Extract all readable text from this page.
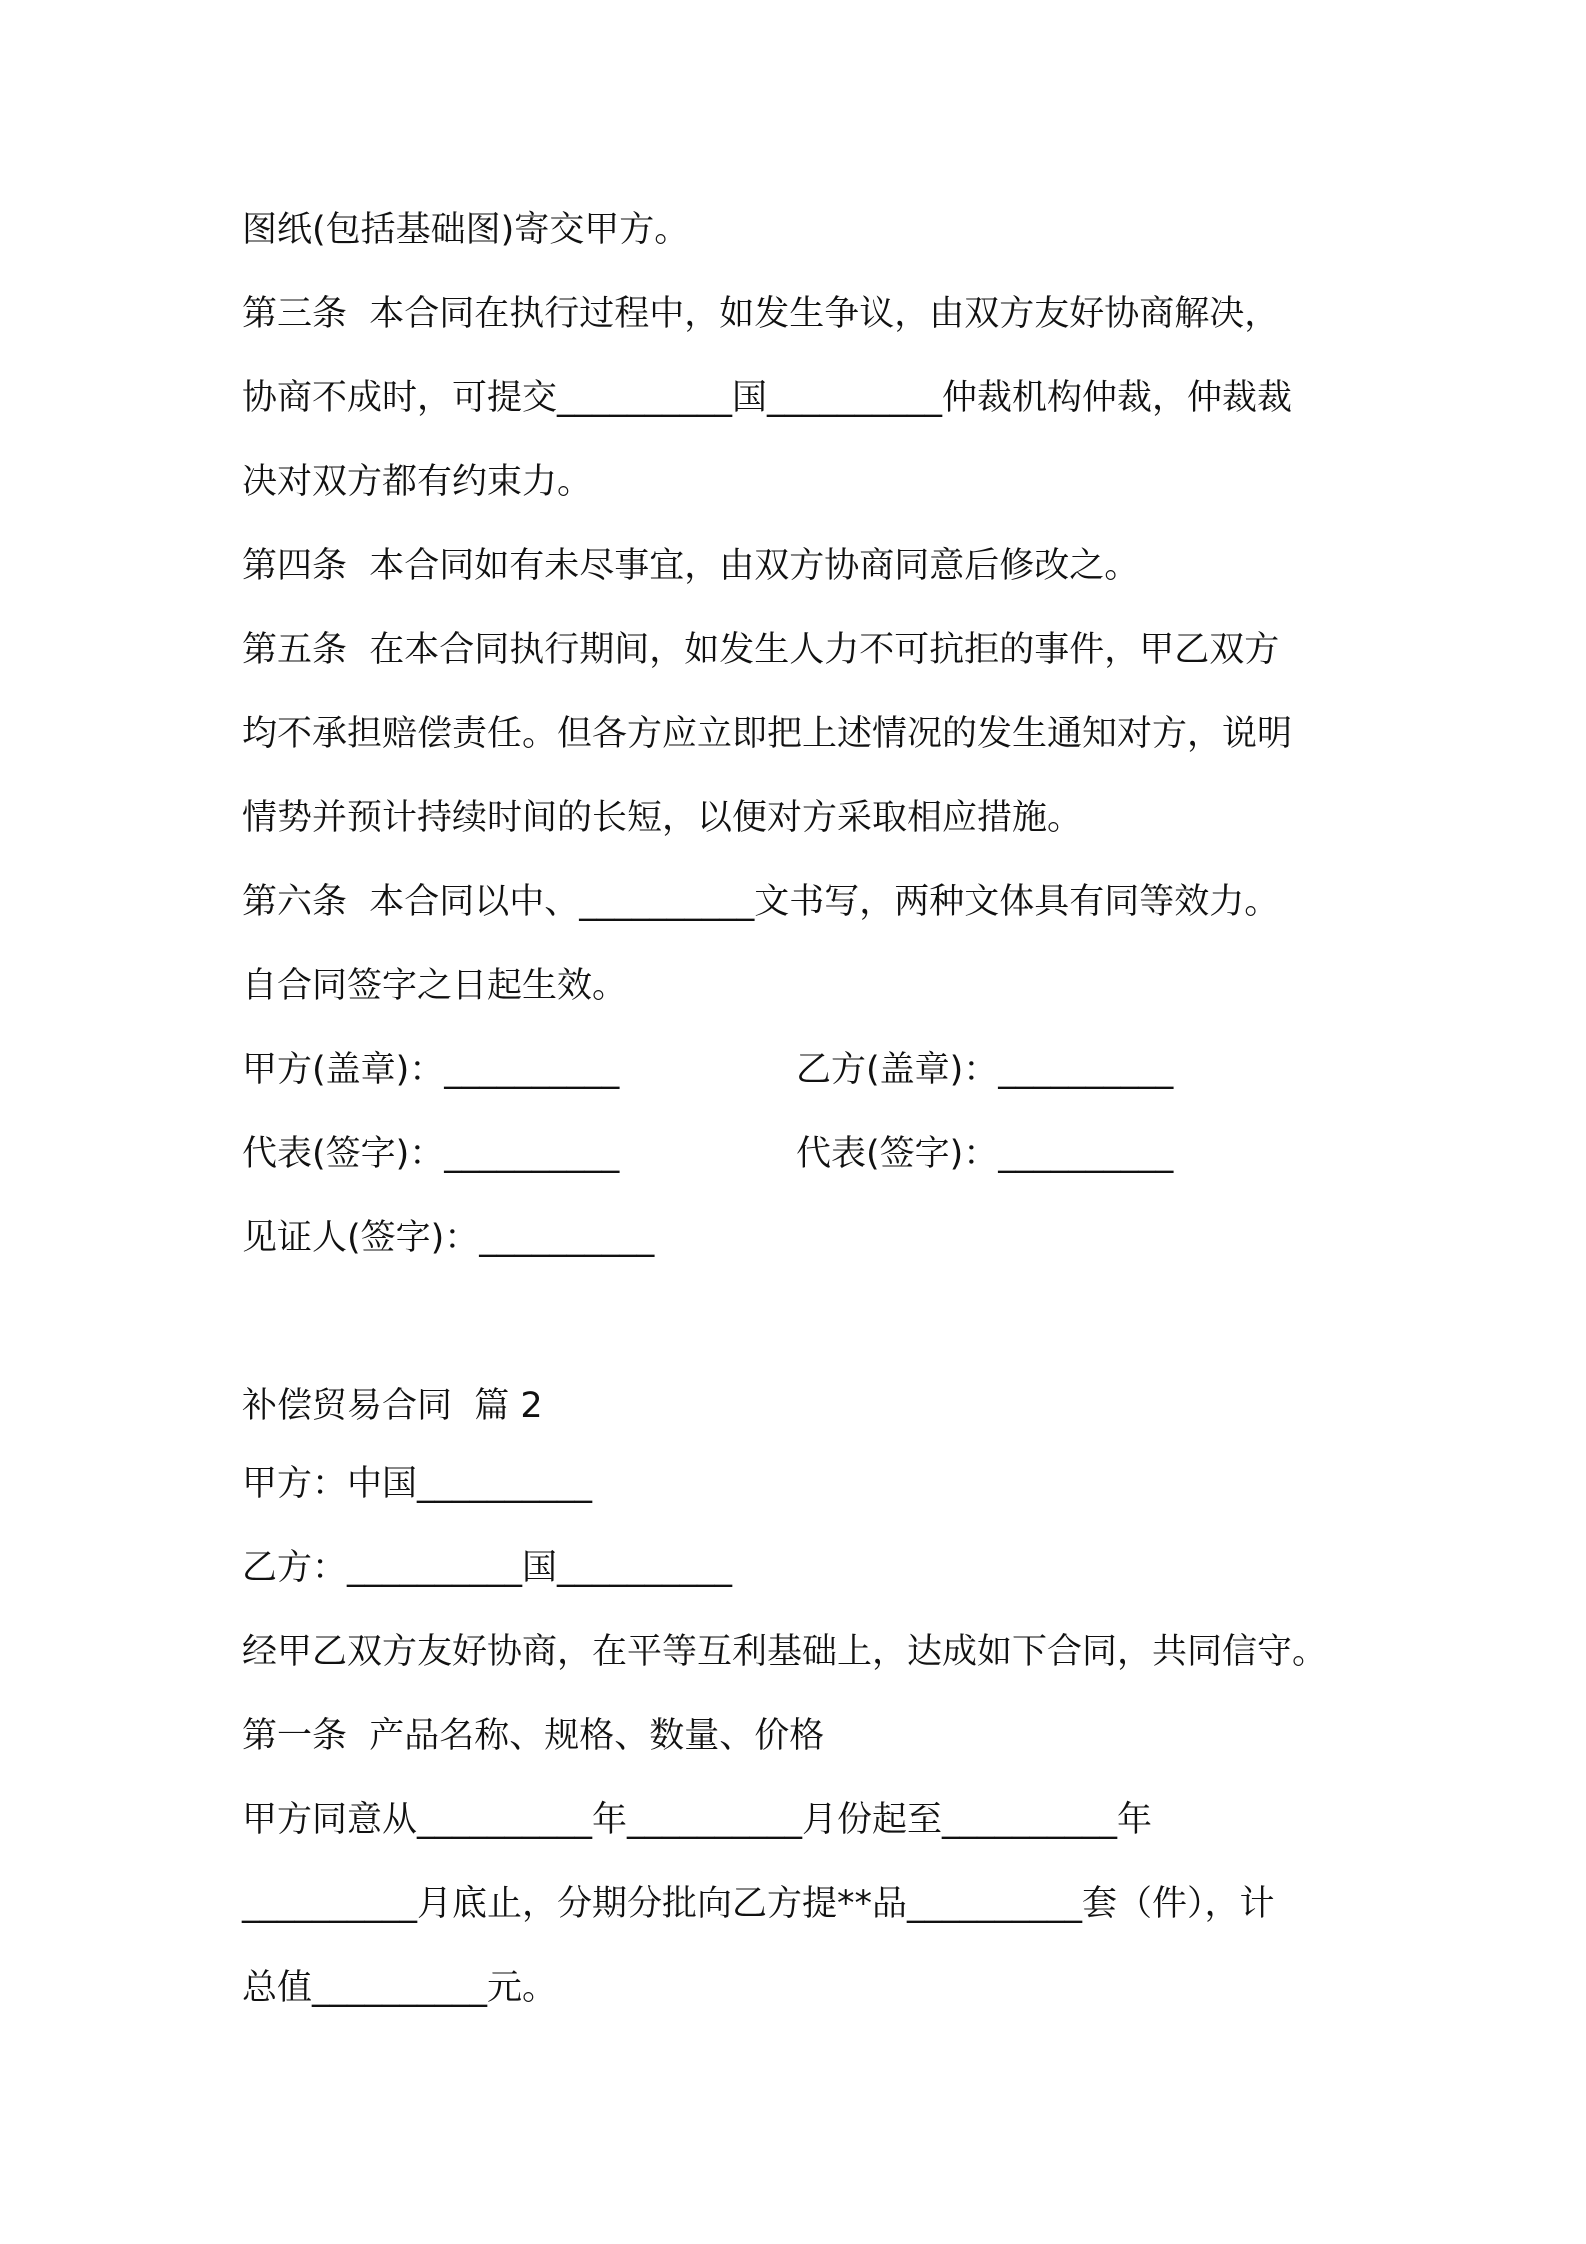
图纸(包括基础图)寄交甲方。
第三条  本合同在执行过程中，如发生争议，由双方友好协商解决，
协商不成时，可提交__________国__________仲裁机构仲裁，仲裁裁
决对双方都有约束力。
第四条  本合同如有未尽事宜，由双方协商同意后修改之。
第五条  在本合同执行期间，如发生人力不可抗拒的事件，甲乙双方
均不承担赔偿责任。但各方应立即把上述情况的发生通知对方，说明
情势并预计持续时间的长短，以便对方采取相应措施。
第六条  本合同以中、__________文书写，两种文体具有同等效力。
自合同签字之日起生效。
甲方(盖章)：__________	乙方(盖章)：__________
代表(签字)：__________	代表(签字)：__________
见证人(签字)：__________
补偿贸易合同  篇 2
甲方：中国__________
乙方：__________国__________
经甲乙双方友好协商，在平等互利基础上，达成如下合同，共同信守。
第一条  产品名称、规格、数量、价格
甲方同意从__________年__________月份起至__________年
__________月底止，分期分批向乙方提**品__________套（件），计
总值__________元。
